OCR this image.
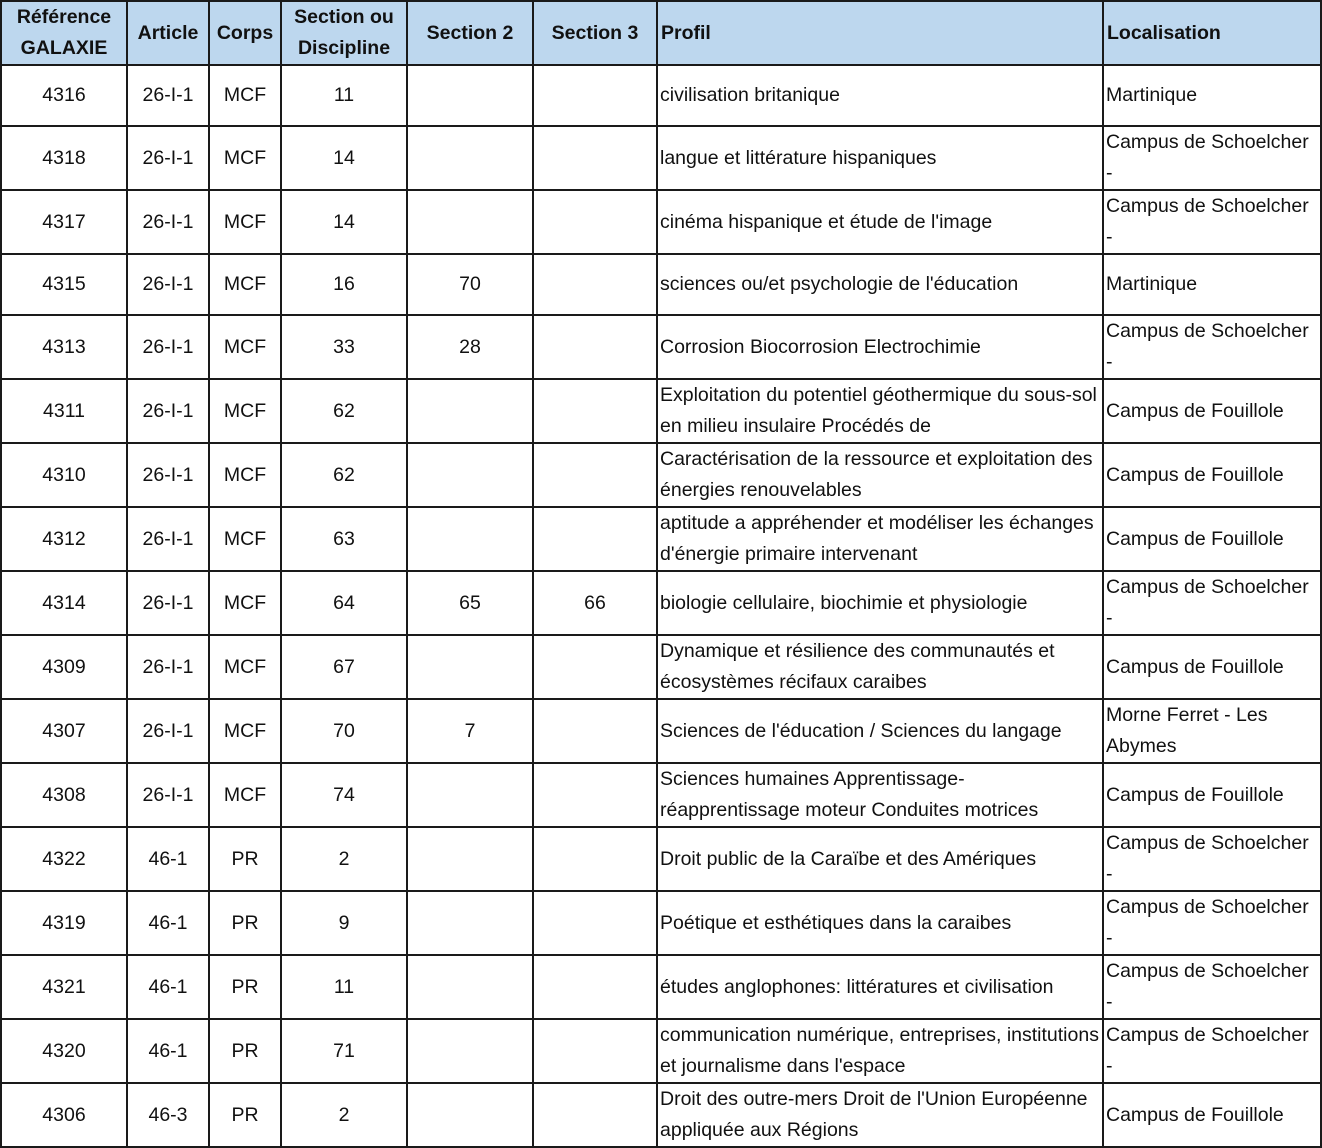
Référence GALAXIE	Article	Corps	Section ou Discipline	Section 2	Section 3	Profil	Localisation
4316	26-I-1	MCF	11			civilisation britanique	Martinique

4318	26-I-1	MCF	14			langue et littérature hispaniques	Campus de Schoelcher -

4317	26-I-1	MCF	14			cinéma hispanique et étude de l'image	Campus de Schoelcher -

4315	26-I-1	MCF	16	70		sciences ou/et psychologie de l'éducation	Martinique

4313	26-I-1	MCF	33	28		Corrosion Biocorrosion Electrochimie	Campus de Schoelcher -

4311	26-I-1	MCF	62			Exploitation du potentiel géothermique du sous-sol en milieu insulaire Procédés de	Campus de Fouillole

4310	26-I-1	MCF	62			Caractérisation de la ressource et exploitation des énergies renouvelables	Campus de Fouillole

4312	26-I-1	MCF	63			aptitude a appréhender et modéliser les échanges d'énergie primaire intervenant	Campus de Fouillole

4314	26-I-1	MCF	64	65	66	biologie cellulaire, biochimie et physiologie	Campus de Schoelcher -

4309	26-I-1	MCF	67			Dynamique et résilience des communautés et écosystèmes récifaux caraibes	Campus de Fouillole

4307	26-I-1	MCF	70	7		Sciences de l'éducation / Sciences du langage	Morne Ferret - Les Abymes

4308	26-I-1	MCF	74			Sciences humaines Apprentissage-réapprentissage moteur Conduites motrices	Campus de Fouillole

4322	46-1	PR	2			Droit public de la Caraïbe et des Amériques	Campus de Schoelcher -

4319	46-1	PR	9			Poétique et esthétiques dans la caraibes	Campus de Schoelcher -

4321	46-1	PR	11			études anglophones: littératures et civilisation	Campus de Schoelcher -

4320	46-1	PR	71			communication numérique, entreprises, institutions et journalisme dans l'espace	Campus de Schoelcher -

4306	46-3	PR	2			Droit des outre-mers Droit de l'Union Européenne appliquée aux Régions	Campus de Fouillole
